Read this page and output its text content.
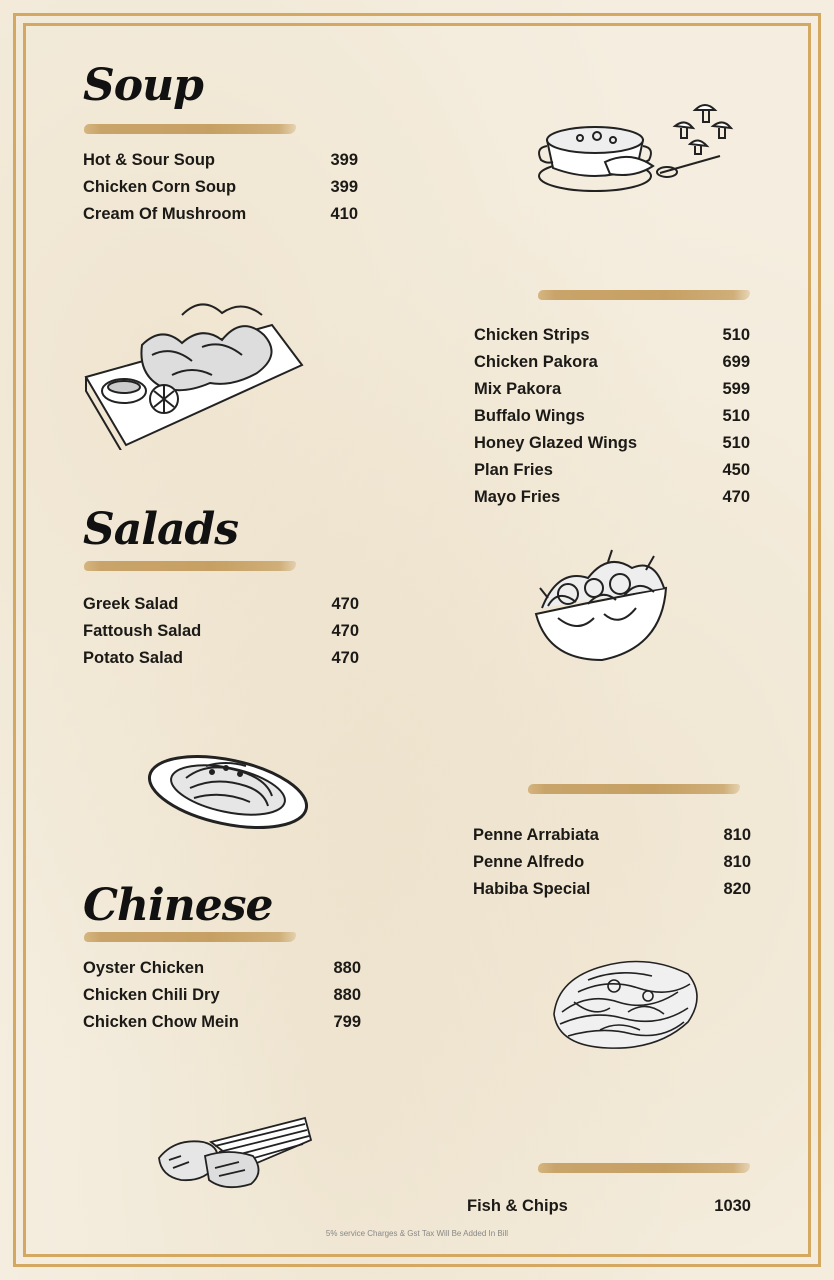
Soup
Hot & Sour Soup	399
Chicken Corn Soup	399
Cream Of Mushroom	410
Chicken Strips	510
Chicken Pakora	699
Mix Pakora	599
Buffalo Wings	510
Honey Glazed Wings	510
Plan Fries	450
Mayo Fries	470
Salads
Greek Salad	470
Fattoush Salad	470
Potato Salad	470
Penne Arrabiata	810
Penne Alfredo	810
Habiba Special	820
Chinese
Oyster Chicken	880
Chicken Chili Dry	880
Chicken Chow Mein	799
Fish & Chips	1030
5% service Charges & Gst Tax Will Be Added In Bill
